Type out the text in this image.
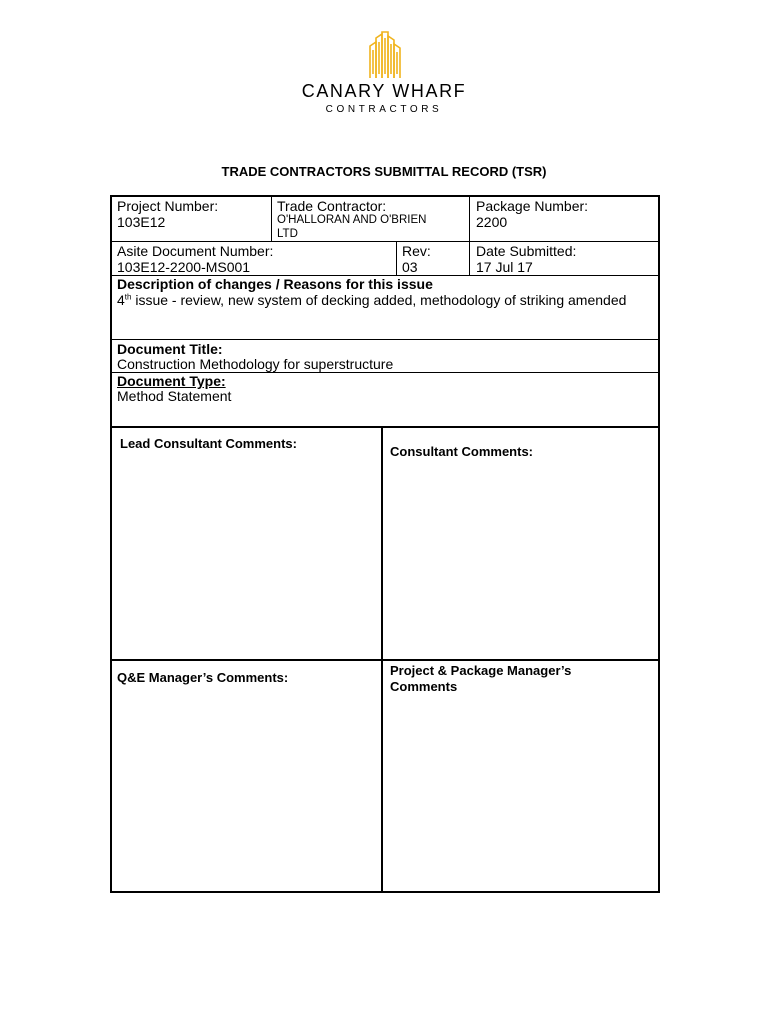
CANARY WHARF
CONTRACTORS
TRADE CONTRACTORS SUBMITTAL RECORD (TSR)
Project Number:
103E12
Trade Contractor:
O'HALLORAN AND O'BRIEN
LTD
Package Number:
2200
Asite Document Number:
103E12-2200-MS001
Rev:
03
Date Submitted:
17 Jul 17
Description of changes / Reasons for this issue
4th issue - review, new system of decking added, methodology of striking amended
Document Title:
Construction Methodology for superstructure
Document Type:
Method Statement
Lead Consultant Comments:
Consultant Comments:
Q&E Manager’s Comments:	Project & Package Manager’s
Comments
